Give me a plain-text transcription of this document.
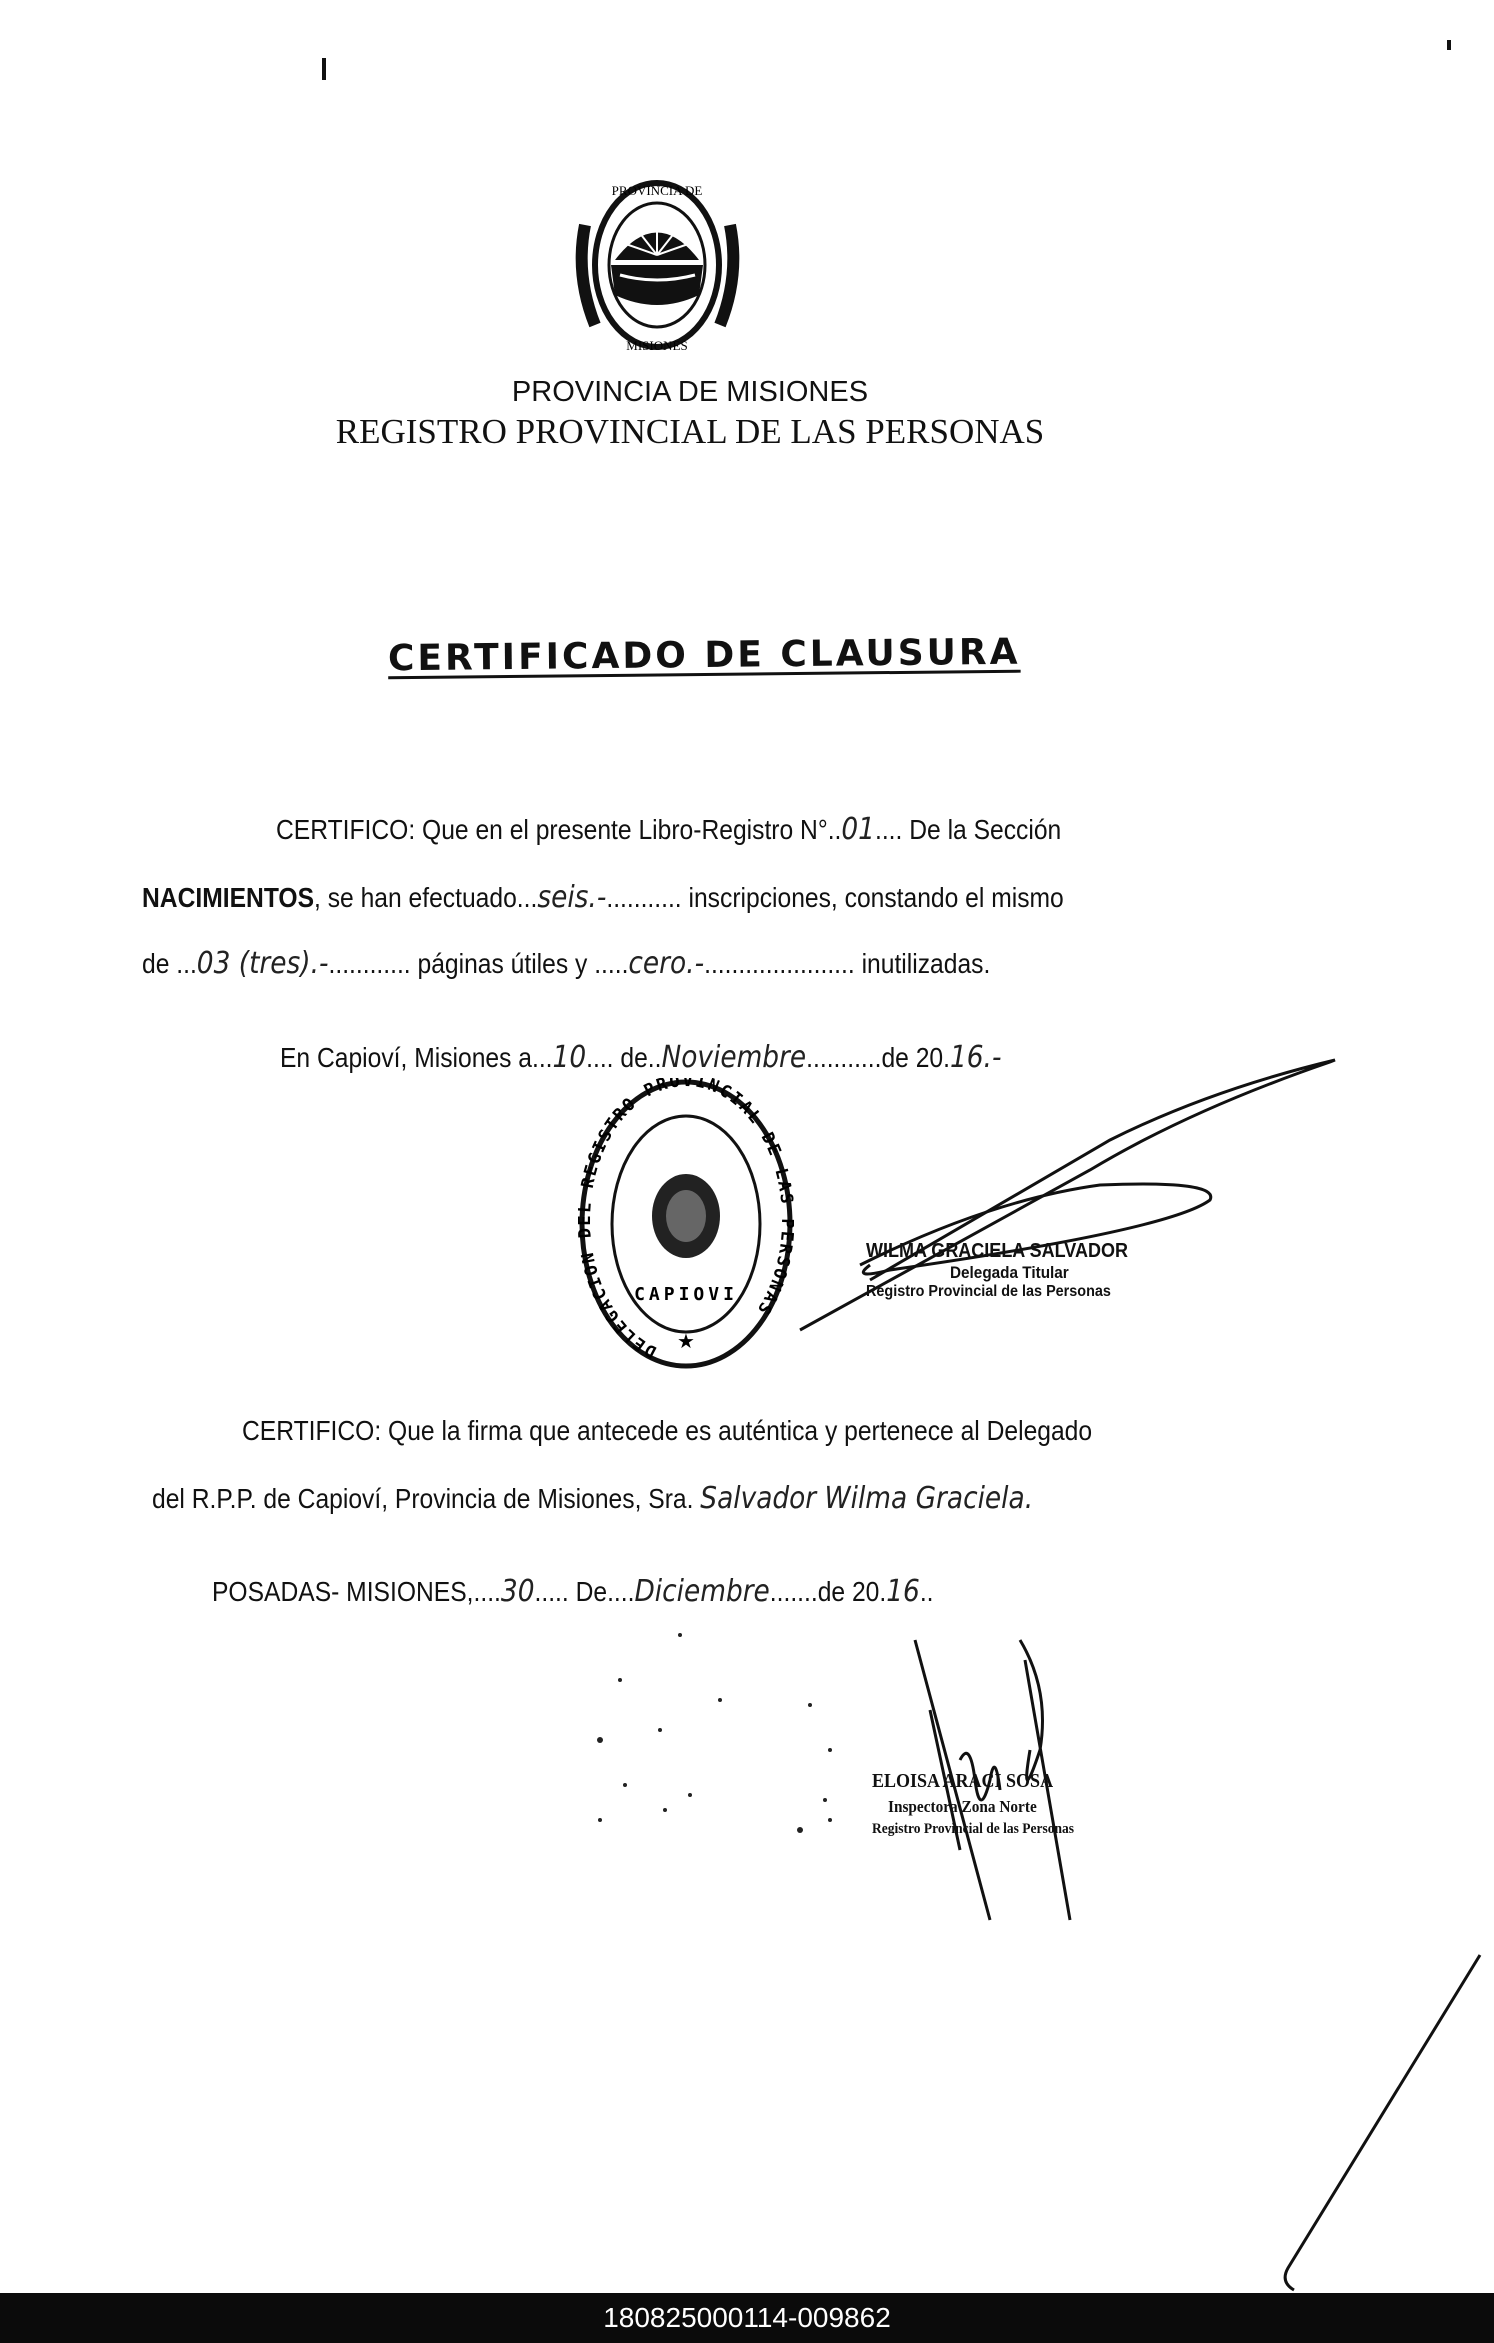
PROVINCIA DE
MISIONES
PROVINCIA DE MISIONES
REGISTRO PROVINCIAL DE LAS PERSONAS
CERTIFICADO DE CLAUSURA
CERTIFICO: Que en el presente Libro-Registro N°..01.... De la Sección
NACIMIENTOS, se han efectuado...seis.-........... inscripciones, constando el mismo
de ...03 (tres).-............ páginas útiles y .....cero.-...................... inutilizadas.
En Capioví, Misiones a...10.... de..Noviembre...........de 20.16.-
DELEGACION REGISTRO PROVINCIAL DE LA RSONAS
CAPIOVI
★
WILMA GRACIELA SALVADOR
Delegada Titular
Registro Provincial de las Personas
CERTIFICO: Que la firma que antecede es auténtica y pertenece al Delegado
del R.P.P. de Capioví, Provincia de Misiones, Sra. Salvador Wilma Graciela.
POSADAS- MISIONES,....30..... De....Diciembre.......de 20.16..
ELOISA ARACI SOSA
Inspectora Zona Norte
Registro Provincial de las Personas
180825000114-009862
